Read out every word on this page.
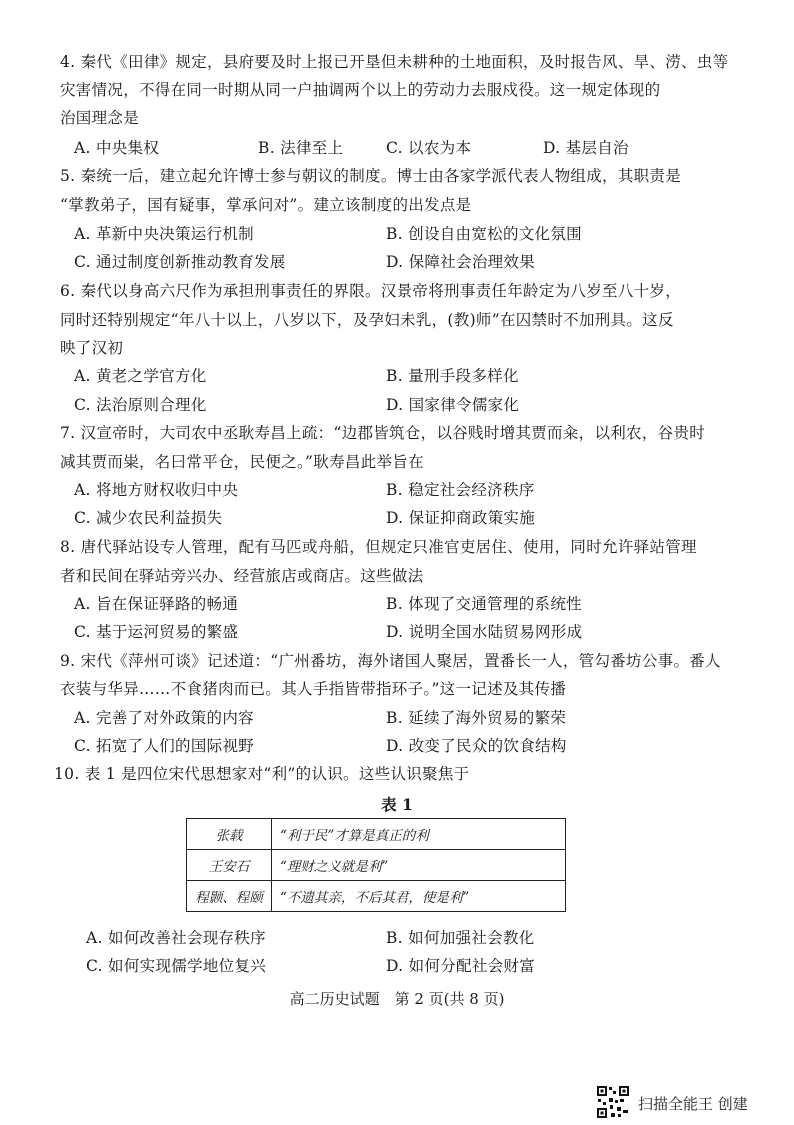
4. 秦代《田律》规定，县府要及时上报已开垦但未耕种的土地面积，及时报告风、旱、涝、虫等
灾害情况，不得在同一时期从同一户抽调两个以上的劳动力去服戍役。这一规定体现的
治国理念是
A. 中央集权	B. 法律至上	C. 以农为本	D. 基层自治
5. 秦统一后，建立起允许博士参与朝议的制度。博士由各家学派代表人物组成，其职责是
“掌教弟子，国有疑事，掌承问对”。建立该制度的出发点是
A. 革新中央决策运行机制	B. 创设自由宽松的文化氛围
C. 通过制度创新推动教育发展	D. 保障社会治理效果
6. 秦代以身高六尺作为承担刑事责任的界限。汉景帝将刑事责任年龄定为八岁至八十岁，
同时还特别规定“年八十以上，八岁以下，及孕妇未乳，(教)师”在囚禁时不加刑具。这反
映了汉初
A. 黄老之学官方化	B. 量刑手段多样化
C. 法治原则合理化	D. 国家律令儒家化
7. 汉宣帝时，大司农中丞耿寿昌上疏：“边郡皆筑仓，以谷贱时增其贾而籴，以利农，谷贵时
减其贾而粜，名曰常平仓，民便之。”耿寿昌此举旨在
A. 将地方财权收归中央	B. 稳定社会经济秩序
C. 减少农民利益损失	D. 保证抑商政策实施
8. 唐代驿站设专人管理，配有马匹或舟船，但规定只准官吏居住、使用，同时允许驿站管理
者和民间在驿站旁兴办、经营旅店或商店。这些做法
A. 旨在保证驿路的畅通	B. 体现了交通管理的系统性
C. 基于运河贸易的繁盛	D. 说明全国水陆贸易网形成
9. 宋代《萍州可谈》记述道：“广州番坊，海外诸国人聚居，置番长一人，管勾番坊公事。番人
衣装与华异……不食猪肉而已。其人手指皆带指环子。”这一记述及其传播
A. 完善了对外政策的内容	B. 延续了海外贸易的繁荣
C. 拓宽了人们的国际视野	D. 改变了民众的饮食结构
10. 表 1 是四位宋代思想家对“利”的认识。这些认识聚焦于
表 1
张载	“利于民”才算是真正的利
王安石	“理财之义就是利”
程颢、程颐	“不遗其亲，不后其君，使是利”
A. 如何改善社会现存秩序	B. 如何加强社会教化
C. 如何实现儒学地位复兴	D. 如何分配社会财富
高二历史试题　第 2 页(共 8 页)
扫描全能王 创建
